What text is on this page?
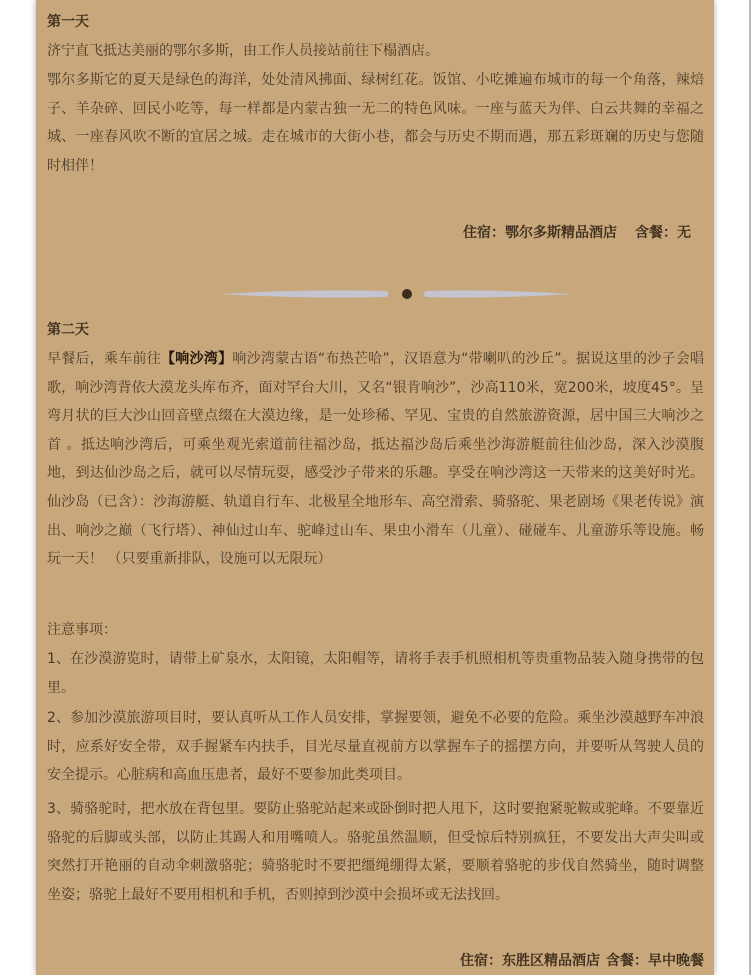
第一天

济宁直飞抵达美丽的鄂尔多斯，由工作人员接站前往下榻酒店。

鄂尔多斯它的夏天是绿色的海洋，处处清风拂面、绿树红花。饭馆、小吃摊遍布城市的每一个角落，辣焙子、羊杂碎、回民小吃等，每一样都是内蒙古独一无二的特色风味。一座与蓝天为伴、白云共舞的幸福之城、一座春风吹不断的宜居之城。走在城市的大街小巷，都会与历史不期而遇，那五彩斑斓的历史与您随时相伴！

住宿：鄂尔多斯精品酒店 含餐：无
第二天

早餐后，乘车前往【响沙湾】响沙湾蒙古语“布热芒哈”，汉语意为“带喇叭的沙丘”。据说这里的沙子会唱歌，响沙湾背依大漠龙头库布齐，面对罕台大川，又名“银肯响沙”，沙高110米，宽200米，坡度45°。呈弯月状的巨大沙山回音壁点缀在大漠边缘，是一处珍稀、罕见、宝贵的自然旅游资源，居中国三大响沙之首 。抵达响沙湾后，可乘坐观光索道前往福沙岛，抵达福沙岛后乘坐沙海游艇前往仙沙岛，深入沙漠腹地，到达仙沙岛之后，就可以尽情玩耍，感受沙子带来的乐趣。享受在响沙湾这一天带来的这美好时光。仙沙岛（已含）：沙海游艇、轨道自行车、北极星全地形车、高空滑索、骑骆驼、果老剧场《果老传说》演出、响沙之巅（飞行塔）、神仙过山车、驼峰过山车、果虫小滑车（儿童）、碰碰车、儿童游乐等设施。畅玩一天！ （只要重新排队，设施可以无限玩）

注意事项：

1、在沙漠游览时，请带上矿泉水，太阳镜，太阳帽等，请将手表手机照相机等贵重物品装入随身携带的包里。

2、参加沙漠旅游项目时，要认真听从工作人员安排，掌握要领，避免不必要的危险。乘坐沙漠越野车冲浪时，应系好安全带，双手握紧车内扶手，目光尽量直视前方以掌握车子的摇摆方向，并要听从驾驶人员的安全提示。心脏病和高血压患者，最好不要参加此类项目。

3、骑骆驼时，把水放在背包里。要防止骆驼站起来或卧倒时把人甩下，这时要抱紧驼鞍或驼峰。不要靠近骆驼的后脚或头部，以防止其踢人和用嘴喷人。骆驼虽然温顺，但受惊后特别疯狂，不要发出大声尖叫或突然打开艳丽的自动伞刺激骆驼；骑骆驼时不要把缰绳绷得太紧，要顺着骆驼的步伐自然骑坐，随时调整坐姿；骆驼上最好不要用相机和手机，否则掉到沙漠中会损坏或无法找回。

住宿：东胜区精品酒店 含餐：早中晚餐
